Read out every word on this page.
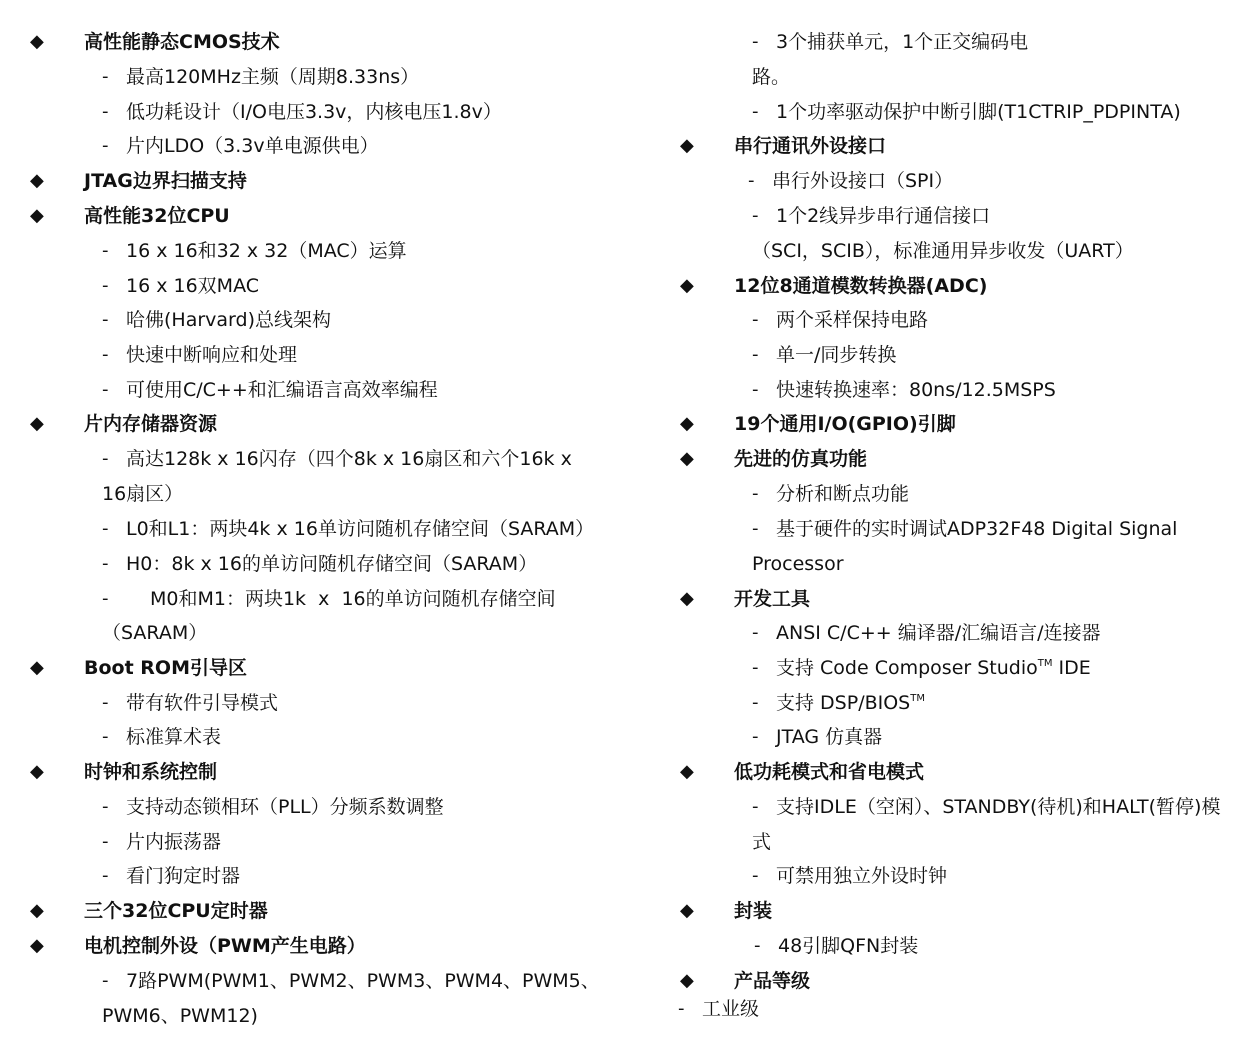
◆ 高性能静态CMOS技术
- 最高120MHz主频（周期8.33ns）
- 低功耗设计（I/O电压3.3v，内核电压1.8v）
- 片内LDO（3.3v单电源供电）
◆ JTAG边界扫描支持
◆ 高性能32位CPU
- 16 x 16和32 x 32（MAC）运算
- 16 x 16双MAC
- 哈佛(Harvard)总线架构
- 快速中断响应和处理
- 可使用C/C++和汇编语言高效率编程
◆ 片内存储器资源
- 高达128k x 16闪存（四个8k x 16扇区和六个16k x
16扇区）
- L0和L1：两块4k x 16单访问随机存储空间（SARAM）
- H0：8k x 16的单访问随机存储空间（SARAM）
- M0和M1：两块1k  x  16的单访问随机存储空间
（SARAM）
◆ Boot ROM引导区
- 带有软件引导模式
- 标准算术表
◆ 时钟和系统控制
- 支持动态锁相环（PLL）分频系数调整
- 片内振荡器
- 看门狗定时器
◆ 三个32位CPU定时器
◆ 电机控制外设（PWM产生电路）
- 7路PWM(PWM1、PWM2、PWM3、PWM4、PWM5、
PWM6、PWM12)
- 3个捕获单元，1个正交编码电
路。
- 1个功率驱动保护中断引脚(T1CTRIP_PDPINTA)
◆ 串行通讯外设接口
- 串行外设接口（SPI）
- 1个2线异步串行通信接口
（SCI，SCIB），标准通用异步收发（UART）
◆ 12位8通道模数转换器(ADC)
- 两个采样保持电路
- 单一/同步转换
- 快速转换速率：80ns/12.5MSPS
◆ 19个通用I/O(GPIO)引脚
◆ 先进的仿真功能
- 分析和断点功能
- 基于硬件的实时调试ADP32F48 Digital Signal
Processor
◆ 开发工具
- ANSI C/C++ 编译器/汇编语言/连接器
- 支持 Code Composer Studio™ IDE
- 支持 DSP/BIOS™
- JTAG 仿真器
◆ 低功耗模式和省电模式
- 支持IDLE（空闲）、STANDBY(待机)和HALT(暂停)模
式
- 可禁用独立外设时钟
◆ 封装
- 48引脚QFN封装
◆ 产品等级
- 工业级
